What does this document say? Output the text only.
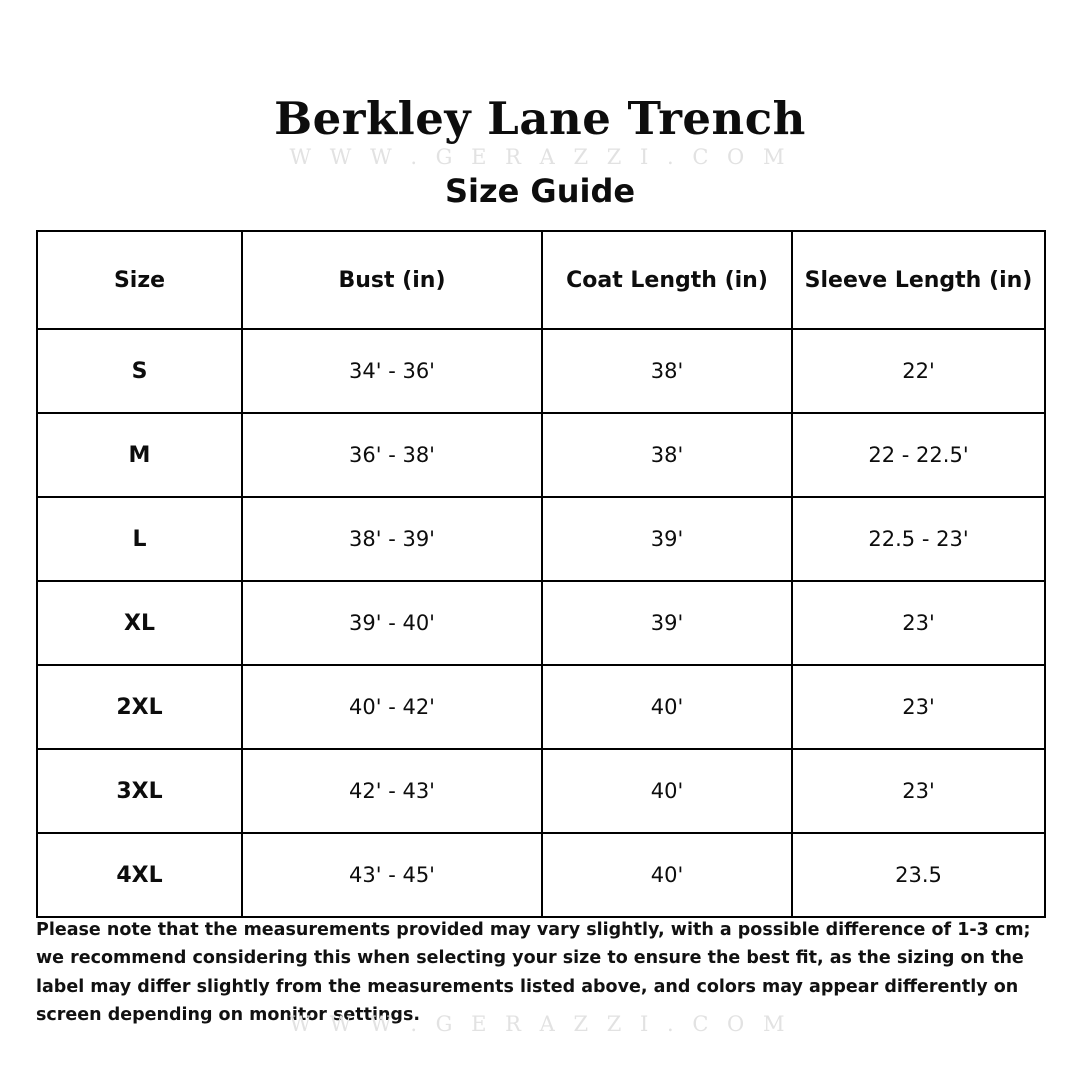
W W W . G E R A Z Z I . C O M
Berkley Lane Trench
Size Guide
Size	Bust (in)	Coat Length (in)	Sleeve Length (in)
S	34' - 36'	38'	22'
M	36' - 38'	38'	22 - 22.5'
L	38' - 39'	39'	22.5 - 23'
XL	39' - 40'	39'	23'
2XL	40' - 42'	40'	23'
3XL	42' - 43'	40'	23'
4XL	43' - 45'	40'	23.5
Please note that the measurements provided may vary slightly, with a possible difference of 1-3 cm; we recommend considering this when selecting your size to ensure the best fit, as the sizing on the label may differ slightly from the measurements listed above, and colors may appear differently on screen depending on monitor settings.
W W W . G E R A Z Z I . C O M
